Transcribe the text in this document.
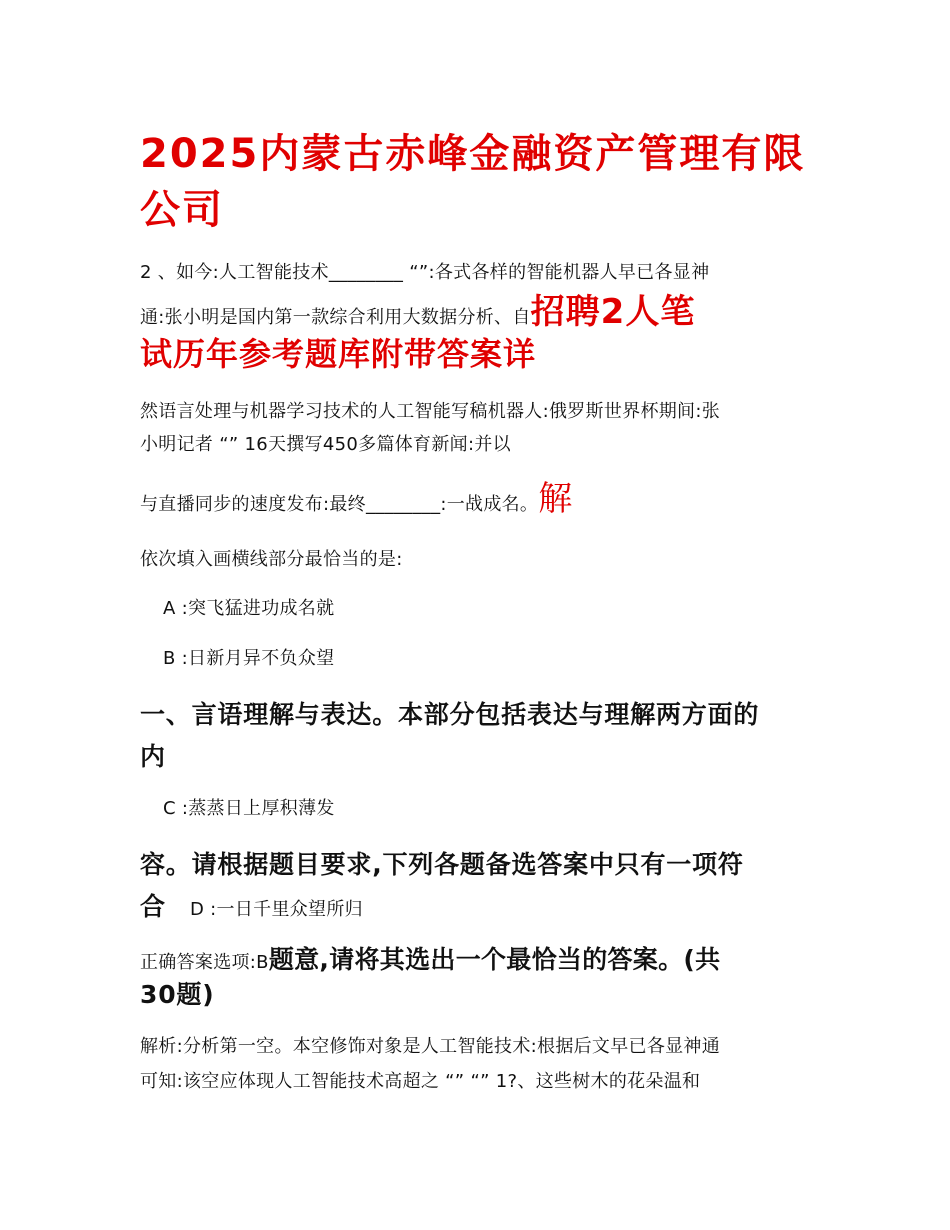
2025内蒙古赤峰金融资产管理有限公司

2 、如今:人工智能技术________ “”:各式各样的智能机器人早已各显神

通:张小明是国内第一款综合利用大数据分析、自招聘2人笔

试历年参考题库附带答案详

然语言处理与机器学习技术的人工智能写稿机器人:俄罗斯世界杯期间:张

小明记者 “” 16天撰写450多篇体育新闻:并以

与直播同步的速度发布:最终________:一战成名。解

依次填入画横线部分最恰当的是:

A :突飞猛进功成名就

B :日新月异不负众望

一、言语理解与表达。本部分包括表达与理解两方面的

内

C :蒸蒸日上厚积薄发

容。请根据题目要求,下列各题备选答案中只有一项符

合	D :一日千里众望所归

正确答案选项:B题意,请将其选出一个最恰当的答案。(共

30题)

解析:分析第一空。本空修饰对象是人工智能技术:根据后文早已各显神通

可知:该空应体现人工智能技术高超之 “” “” 1?、这些树木的花朵温和
